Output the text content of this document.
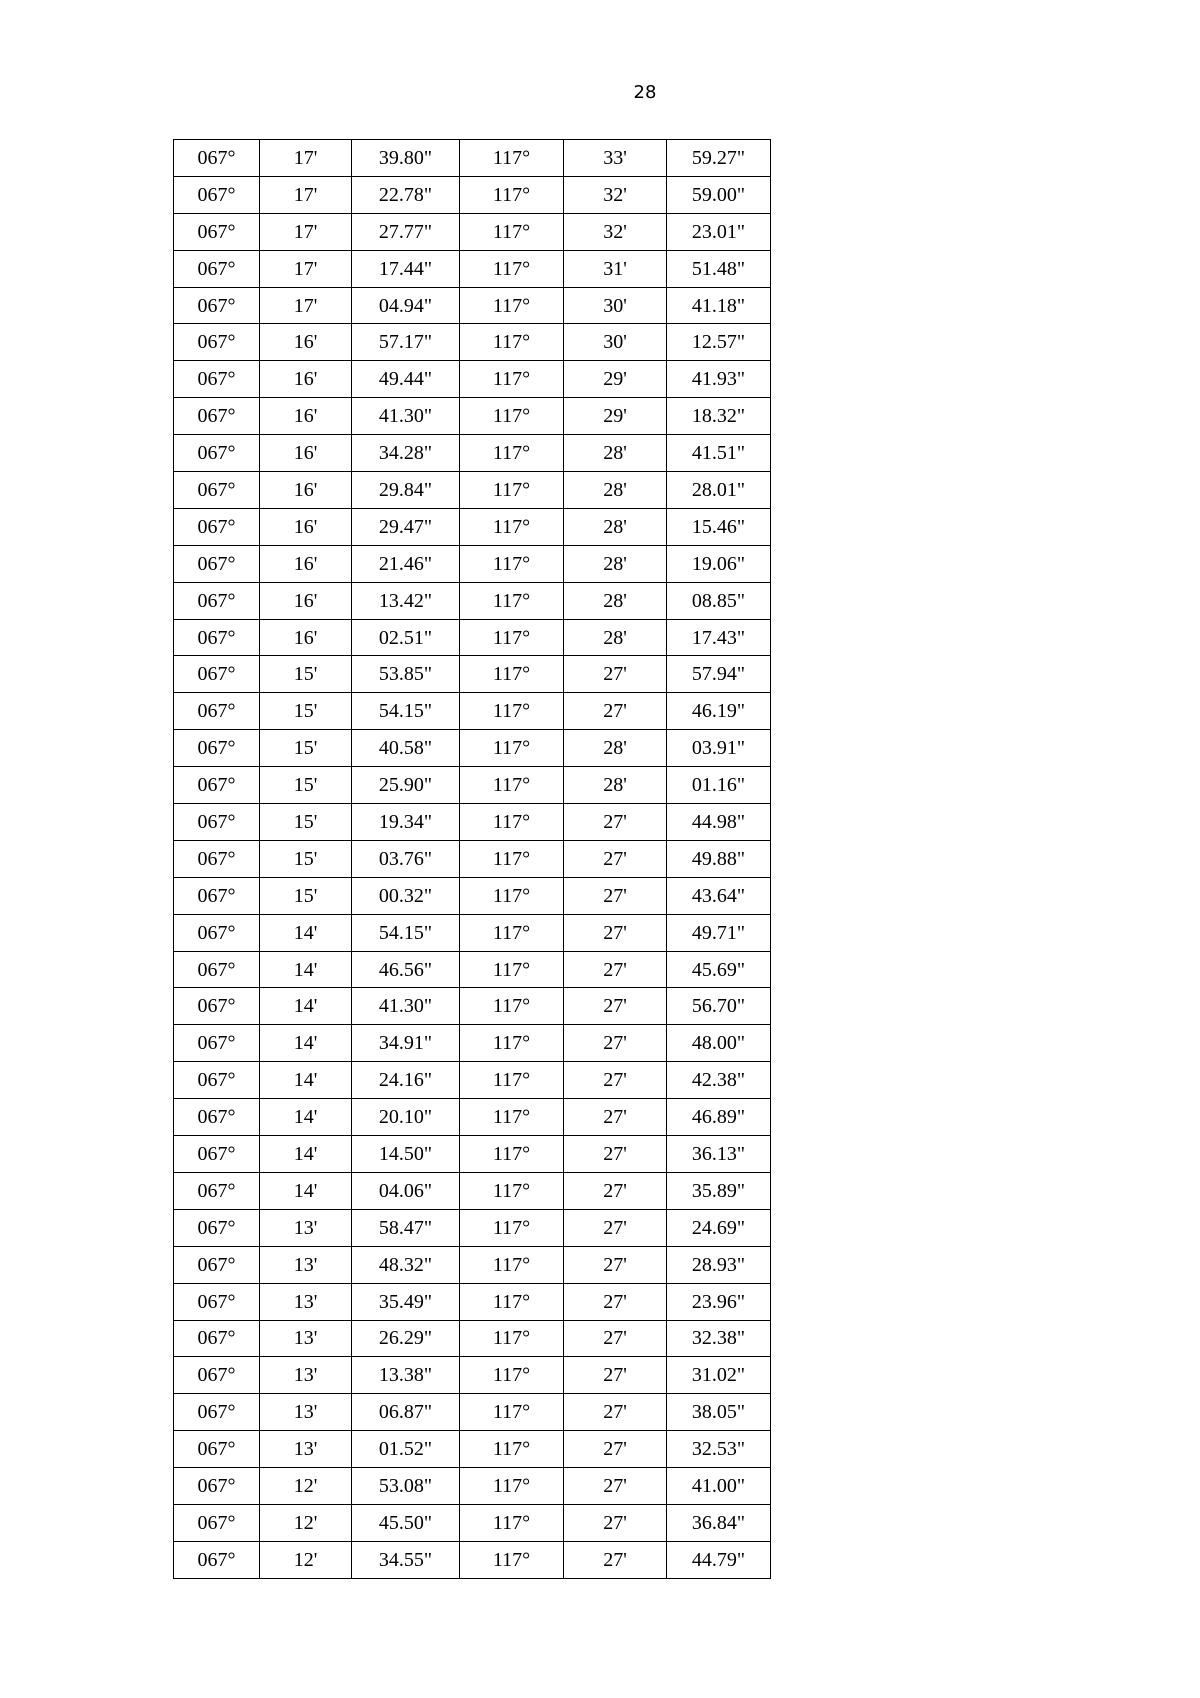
28
067°	17'	39.80"	117°	33'	59.27"
067°	17'	22.78"	117°	32'	59.00"
067°	17'	27.77"	117°	32'	23.01"
067°	17'	17.44"	117°	31'	51.48"
067°	17'	04.94"	117°	30'	41.18"
067°	16'	57.17"	117°	30'	12.57"
067°	16'	49.44"	117°	29'	41.93"
067°	16'	41.30"	117°	29'	18.32"
067°	16'	34.28"	117°	28'	41.51"
067°	16'	29.84"	117°	28'	28.01"
067°	16'	29.47"	117°	28'	15.46"
067°	16'	21.46"	117°	28'	19.06"
067°	16'	13.42"	117°	28'	08.85"
067°	16'	02.51"	117°	28'	17.43"
067°	15'	53.85"	117°	27'	57.94"
067°	15'	54.15"	117°	27'	46.19"
067°	15'	40.58"	117°	28'	03.91"
067°	15'	25.90"	117°	28'	01.16"
067°	15'	19.34"	117°	27'	44.98"
067°	15'	03.76"	117°	27'	49.88"
067°	15'	00.32"	117°	27'	43.64"
067°	14'	54.15"	117°	27'	49.71"
067°	14'	46.56"	117°	27'	45.69"
067°	14'	41.30"	117°	27'	56.70"
067°	14'	34.91"	117°	27'	48.00"
067°	14'	24.16"	117°	27'	42.38"
067°	14'	20.10"	117°	27'	46.89"
067°	14'	14.50"	117°	27'	36.13"
067°	14'	04.06"	117°	27'	35.89"
067°	13'	58.47"	117°	27'	24.69"
067°	13'	48.32"	117°	27'	28.93"
067°	13'	35.49"	117°	27'	23.96"
067°	13'	26.29"	117°	27'	32.38"
067°	13'	13.38"	117°	27'	31.02"
067°	13'	06.87"	117°	27'	38.05"
067°	13'	01.52"	117°	27'	32.53"
067°	12'	53.08"	117°	27'	41.00"
067°	12'	45.50"	117°	27'	36.84"
067°	12'	34.55"	117°	27'	44.79"
